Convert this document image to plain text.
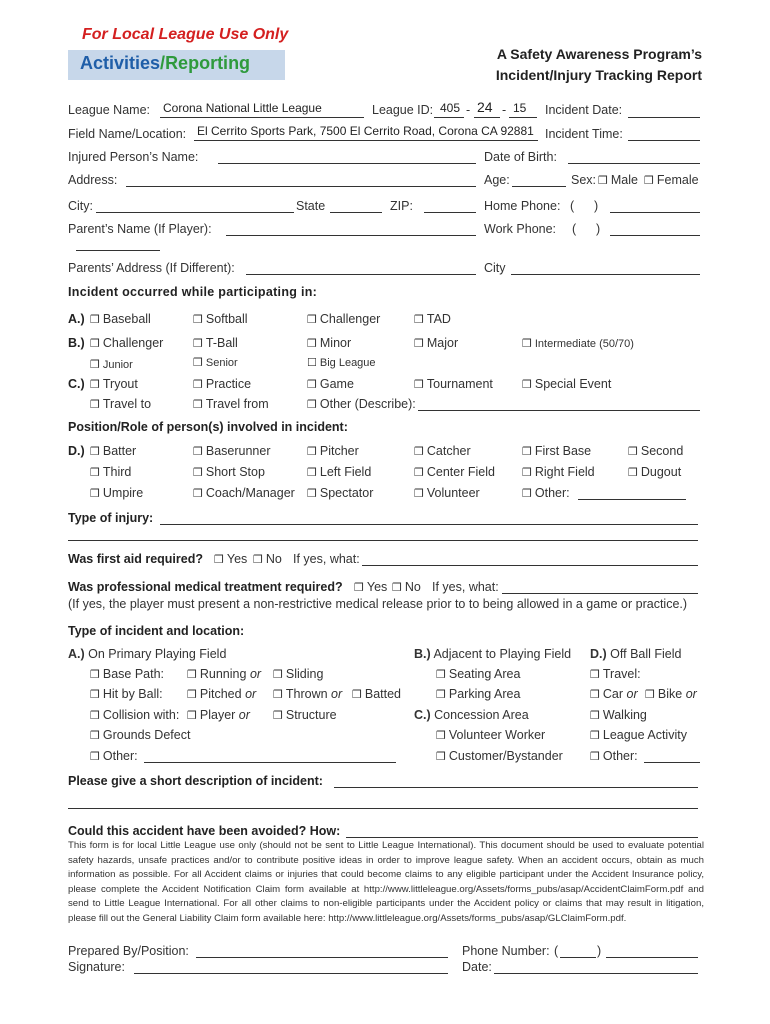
For Local League Use Only
Activities/Reporting	A Safety Awareness Program’s
Incident/Injury Tracking Report
League Name: Corona National Little League	League ID: 405 - 24 - 15 Incident Date:
Field Name/Location: El Cerrito Sports Park, 7500 El Cerrito Road, Corona CA 92881 Incident Time:
Injured Person’s Name:	Date of Birth:
Address:	Age:	Sex: ❒ Male ❒ Female
City:	State	ZIP:	Home Phone: ( )
Parent’s Name (If Player):	Work Phone: ( )
Parents’ Address (If Different):	City
Incident occurred while participating in:
A.) ❒ Baseball	❒ Softball	❒ Challenger	❒ TAD
B.) ❒ Challenger	❒ T-Ball	❒ Minor	❒ Major	❒ Intermediate (50/70)
❒ Junior	❒ Senior	☐ Big League
C.) ❒ Tryout	❒ Practice	❒ Game	❒ Tournament	❒ Special Event
❒ Travel to	❒ Travel from	❒ Other (Describe):
Position/Role of person(s) involved in incident:
D.) ❒ Batter	❒ Baserunner	❒ Pitcher	❒ Catcher	❒ First Base	❒ Second
❒ Third	❒ Short Stop	❒ Left Field	❒ Center Field ❒ Right Field	❒ Dugout
❒ Umpire	❒ Coach/Manager ❒ Spectator	❒ Volunteer	❒ Other:
Type of injury:
Was first aid required? ❒ Yes ❒ No If yes, what:
Was professional medical treatment required? ❒ Yes ❒ No If yes, what:
(If yes, the player must present a non-restrictive medical release prior to to being allowed in a game or practice.)
Type of incident and location:
A.) On Primary Playing Field
❒ Base Path: ❒ Running or ❒ Sliding
❒ Hit by Ball: ❒ Pitched or ❒ Thrown or ❒ Batted
❒ Collision with: ❒ Player or ❒ Structure
❒ Grounds Defect
❒ Other:
B.) Adjacent to Playing Field
❒ Seating Area
❒ Parking Area
C.) Concession Area
❒ Volunteer Worker
❒ Customer/Bystander
D.) Off Ball Field
❒ Travel:
❒ Car or ❒ Bike or
❒ Walking
❒ League Activity
❒ Other:
Please give a short description of incident:
Could this accident have been avoided? How:
This form is for local Little League use only (should not be sent to Little League International). This document should be used to evaluate potential safety hazards, unsafe practices and/or to contribute positive ideas in order to improve league safety. When an accident occurs, obtain as much information as possible. For all Accident claims or injuries that could become claims to any eligible participant under the Accident Insurance policy, please complete the Accident Notification Claim form available at http://www.littleleague.org/Assets/forms_pubs/asap/AccidentClaimForm.pdf and send to Little League International. For all other claims to non-eligible participants under the Accident policy or claims that may result in litigation, please fill out the General Liability Claim form available here: http://www.littleleague.org/Assets/forms_pubs/asap/GLClaimForm.pdf.
Prepared By/Position:	Phone Number: (	)
Signature:	Date:
